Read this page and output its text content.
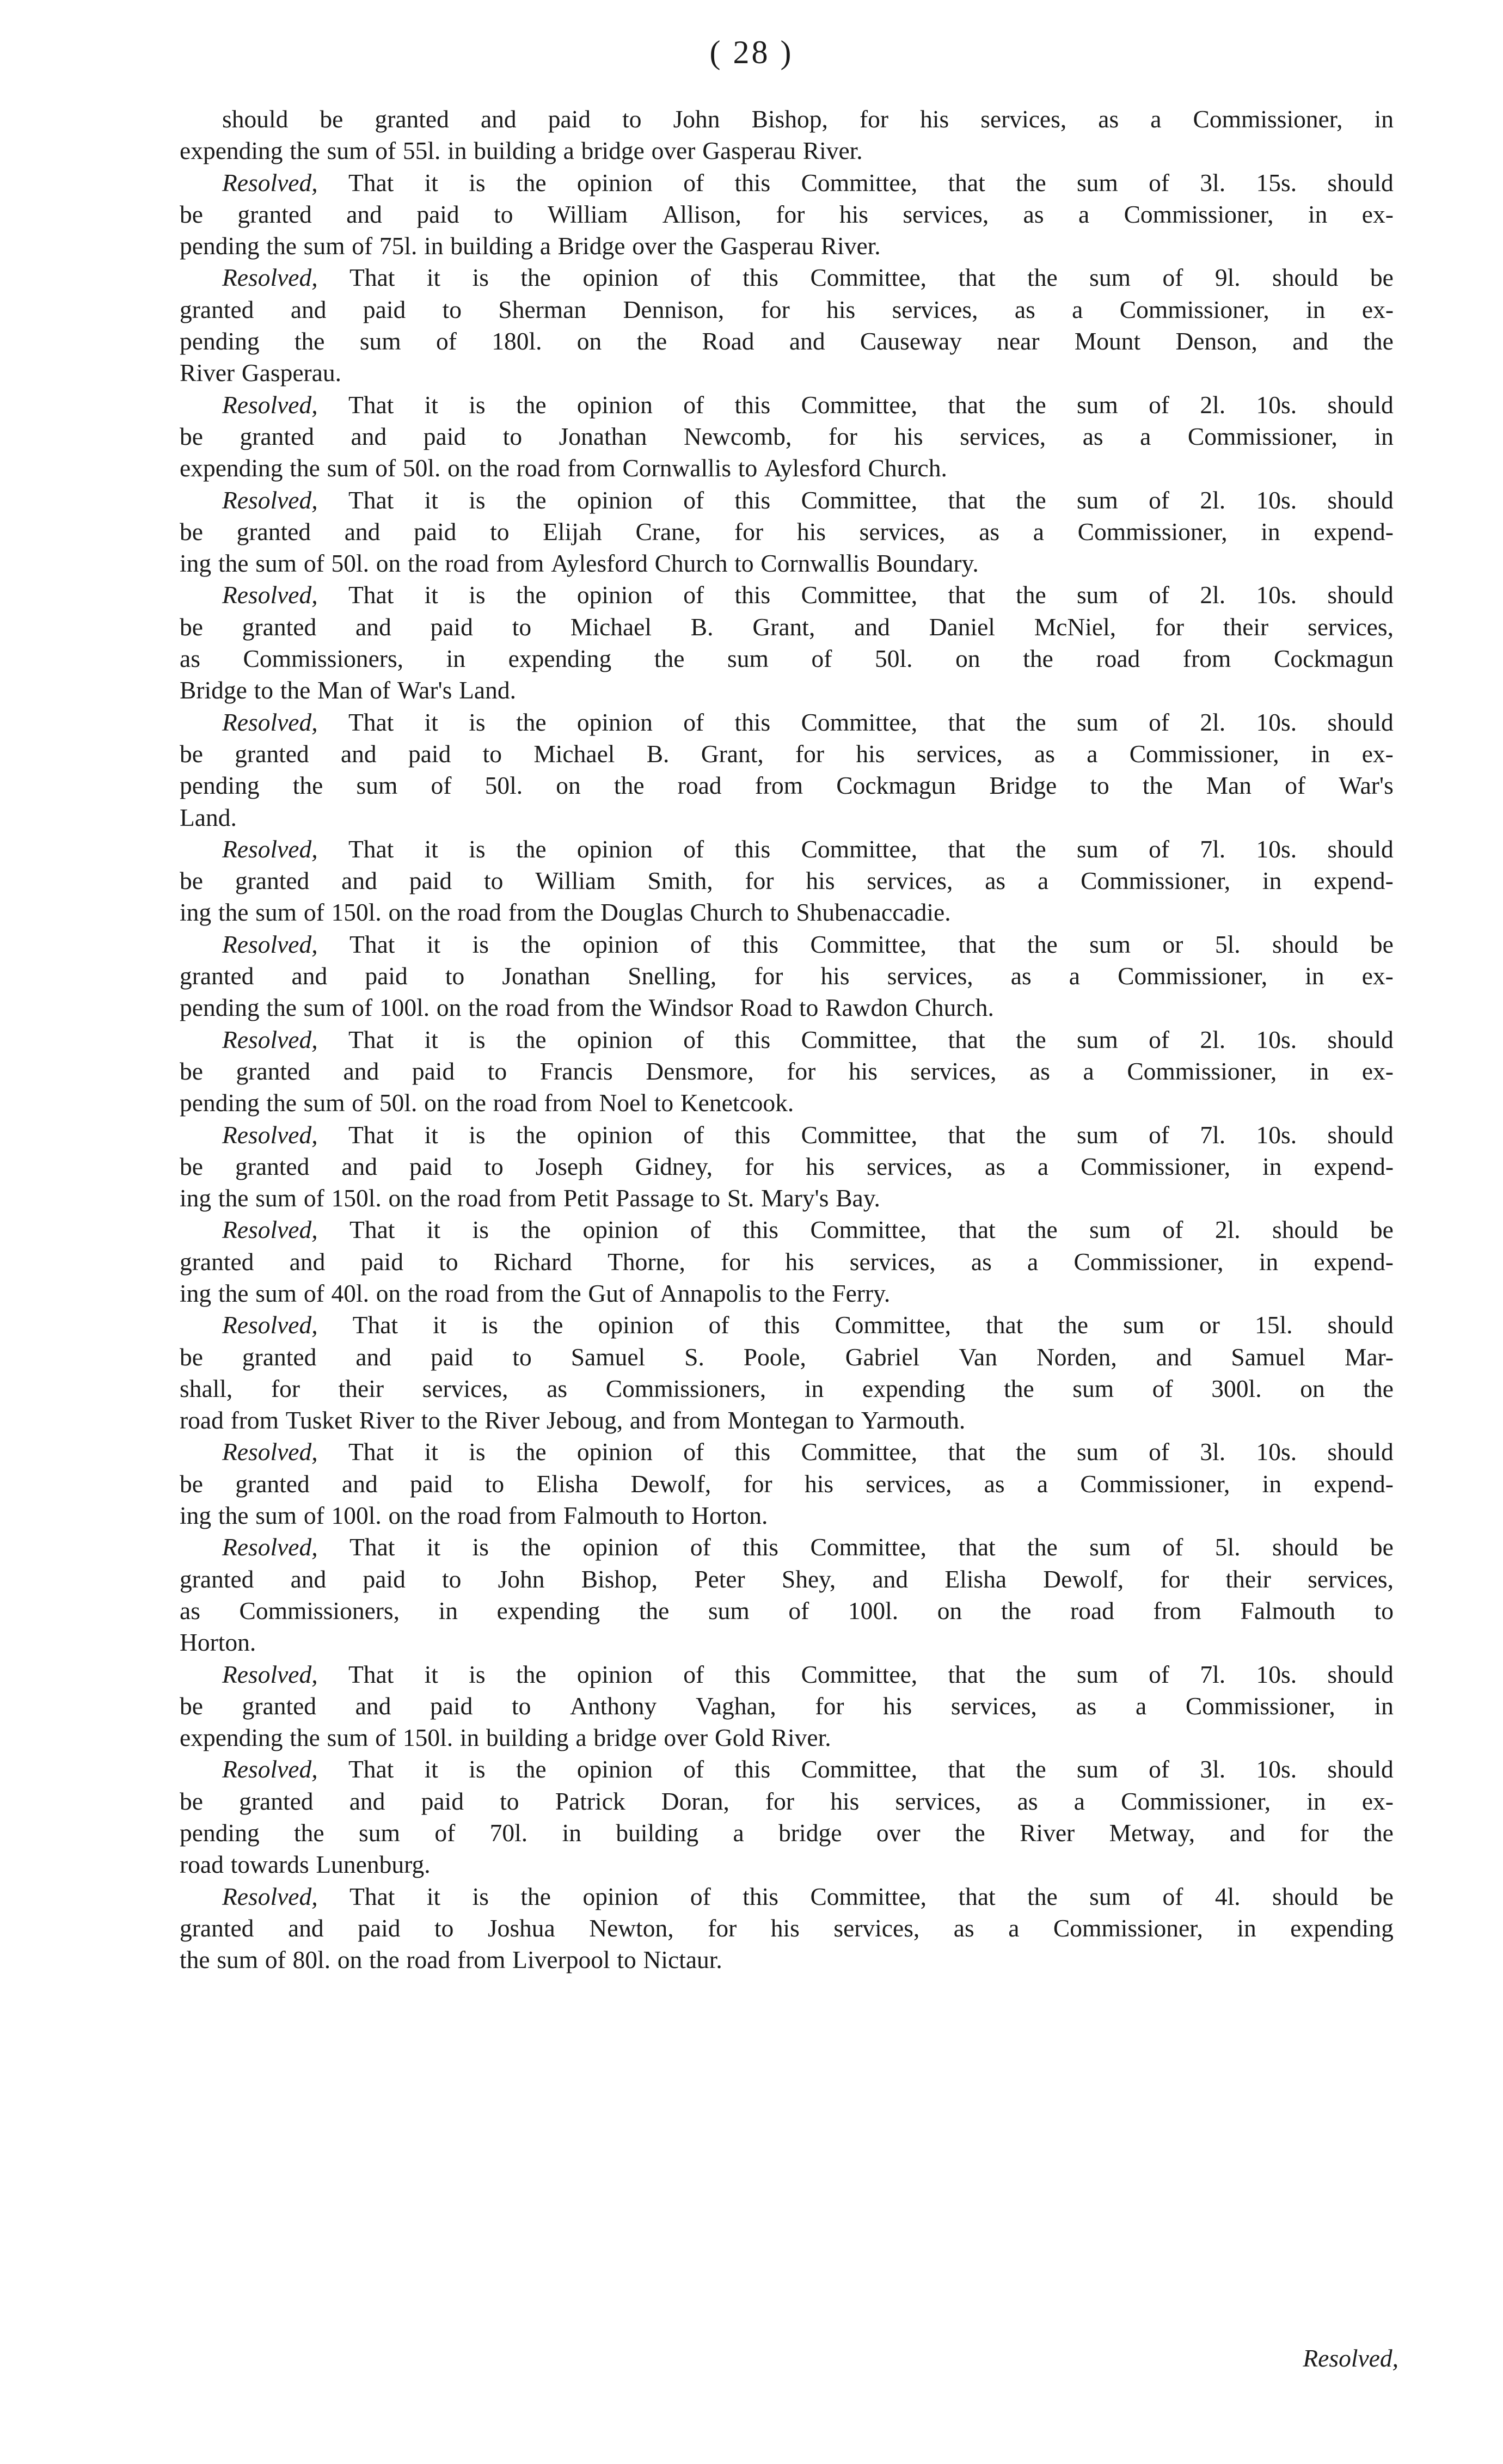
( 28 )
should be granted and paid to John Bishop, for his services, as a Commissioner, in
expending the sum of 55l. in building a bridge over Gasperau River.
Resolved, That it is the opinion of this Committee, that the sum of 3l. 15s. should
be granted and paid to William Allison, for his services, as a Commissioner, in ex-
pending the sum of 75l. in building a Bridge over the Gasperau River.
Resolved, That it is the opinion of this Committee, that the sum of 9l. should be
granted and paid to Sherman Dennison, for his services, as a Commissioner, in ex-
pending the sum of 180l. on the Road and Causeway near Mount Denson, and the
River Gasperau.
Resolved, That it is the opinion of this Committee, that the sum of 2l. 10s. should
be granted and paid to Jonathan Newcomb, for his services, as a Commissioner, in
expending the sum of 50l. on the road from Cornwallis to Aylesford Church.
Resolved, That it is the opinion of this Committee, that the sum of 2l. 10s. should
be granted and paid to Elijah Crane, for his services, as a Commissioner, in expend-
ing the sum of 50l. on the road from Aylesford Church to Cornwallis Boundary.
Resolved, That it is the opinion of this Committee, that the sum of 2l. 10s. should
be granted and paid to Michael B. Grant, and Daniel McNiel, for their services,
as Commissioners, in expending the sum of 50l. on the road from Cockmagun
Bridge to the Man of War's Land.
Resolved, That it is the opinion of this Committee, that the sum of 2l. 10s. should
be granted and paid to Michael B. Grant, for his services, as a Commissioner, in ex-
pending the sum of 50l. on the road from Cockmagun Bridge to the Man of War's
Land.
Resolved, That it is the opinion of this Committee, that the sum of 7l. 10s. should
be granted and paid to William Smith, for his services, as a Commissioner, in expend-
ing the sum of 150l. on the road from the Douglas Church to Shubenaccadie.
Resolved, That it is the opinion of this Committee, that the sum or 5l. should be
granted and paid to Jonathan Snelling, for his services, as a Commissioner, in ex-
pending the sum of 100l. on the road from the Windsor Road to Rawdon Church.
Resolved, That it is the opinion of this Committee, that the sum of 2l. 10s. should
be granted and paid to Francis Densmore, for his services, as a Commissioner, in ex-
pending the sum of 50l. on the road from Noel to Kenetcook.
Resolved, That it is the opinion of this Committee, that the sum of 7l. 10s. should
be granted and paid to Joseph Gidney, for his services, as a Commissioner, in expend-
ing the sum of 150l. on the road from Petit Passage to St. Mary's Bay.
Resolved, That it is the opinion of this Committee, that the sum of 2l. should be
granted and paid to Richard Thorne, for his services, as a Commissioner, in expend-
ing the sum of 40l. on the road from the Gut of Annapolis to the Ferry.
Resolved, That it is the opinion of this Committee, that the sum or 15l. should
be granted and paid to Samuel S. Poole, Gabriel Van Norden, and Samuel Mar-
shall, for their services, as Commissioners, in expending the sum of 300l. on the
road from Tusket River to the River Jeboug, and from Montegan to Yarmouth.
Resolved, That it is the opinion of this Committee, that the sum of 3l. 10s. should
be granted and paid to Elisha Dewolf, for his services, as a Commissioner, in expend-
ing the sum of 100l. on the road from Falmouth to Horton.
Resolved, That it is the opinion of this Committee, that the sum of 5l. should be
granted and paid to John Bishop, Peter Shey, and Elisha Dewolf, for their services,
as Commissioners, in expending the sum of 100l. on the road from Falmouth to
Horton.
Resolved, That it is the opinion of this Committee, that the sum of 7l. 10s. should
be granted and paid to Anthony Vaghan, for his services, as a Commissioner, in
expending the sum of 150l. in building a bridge over Gold River.
Resolved, That it is the opinion of this Committee, that the sum of 3l. 10s. should
be granted and paid to Patrick Doran, for his services, as a Commissioner, in ex-
pending the sum of 70l. in building a bridge over the River Metway, and for the
road towards Lunenburg.
Resolved, That it is the opinion of this Committee, that the sum of 4l. should be
granted and paid to Joshua Newton, for his services, as a Commissioner, in expending
the sum of 80l. on the road from Liverpool to Nictaur.
Resolved,
